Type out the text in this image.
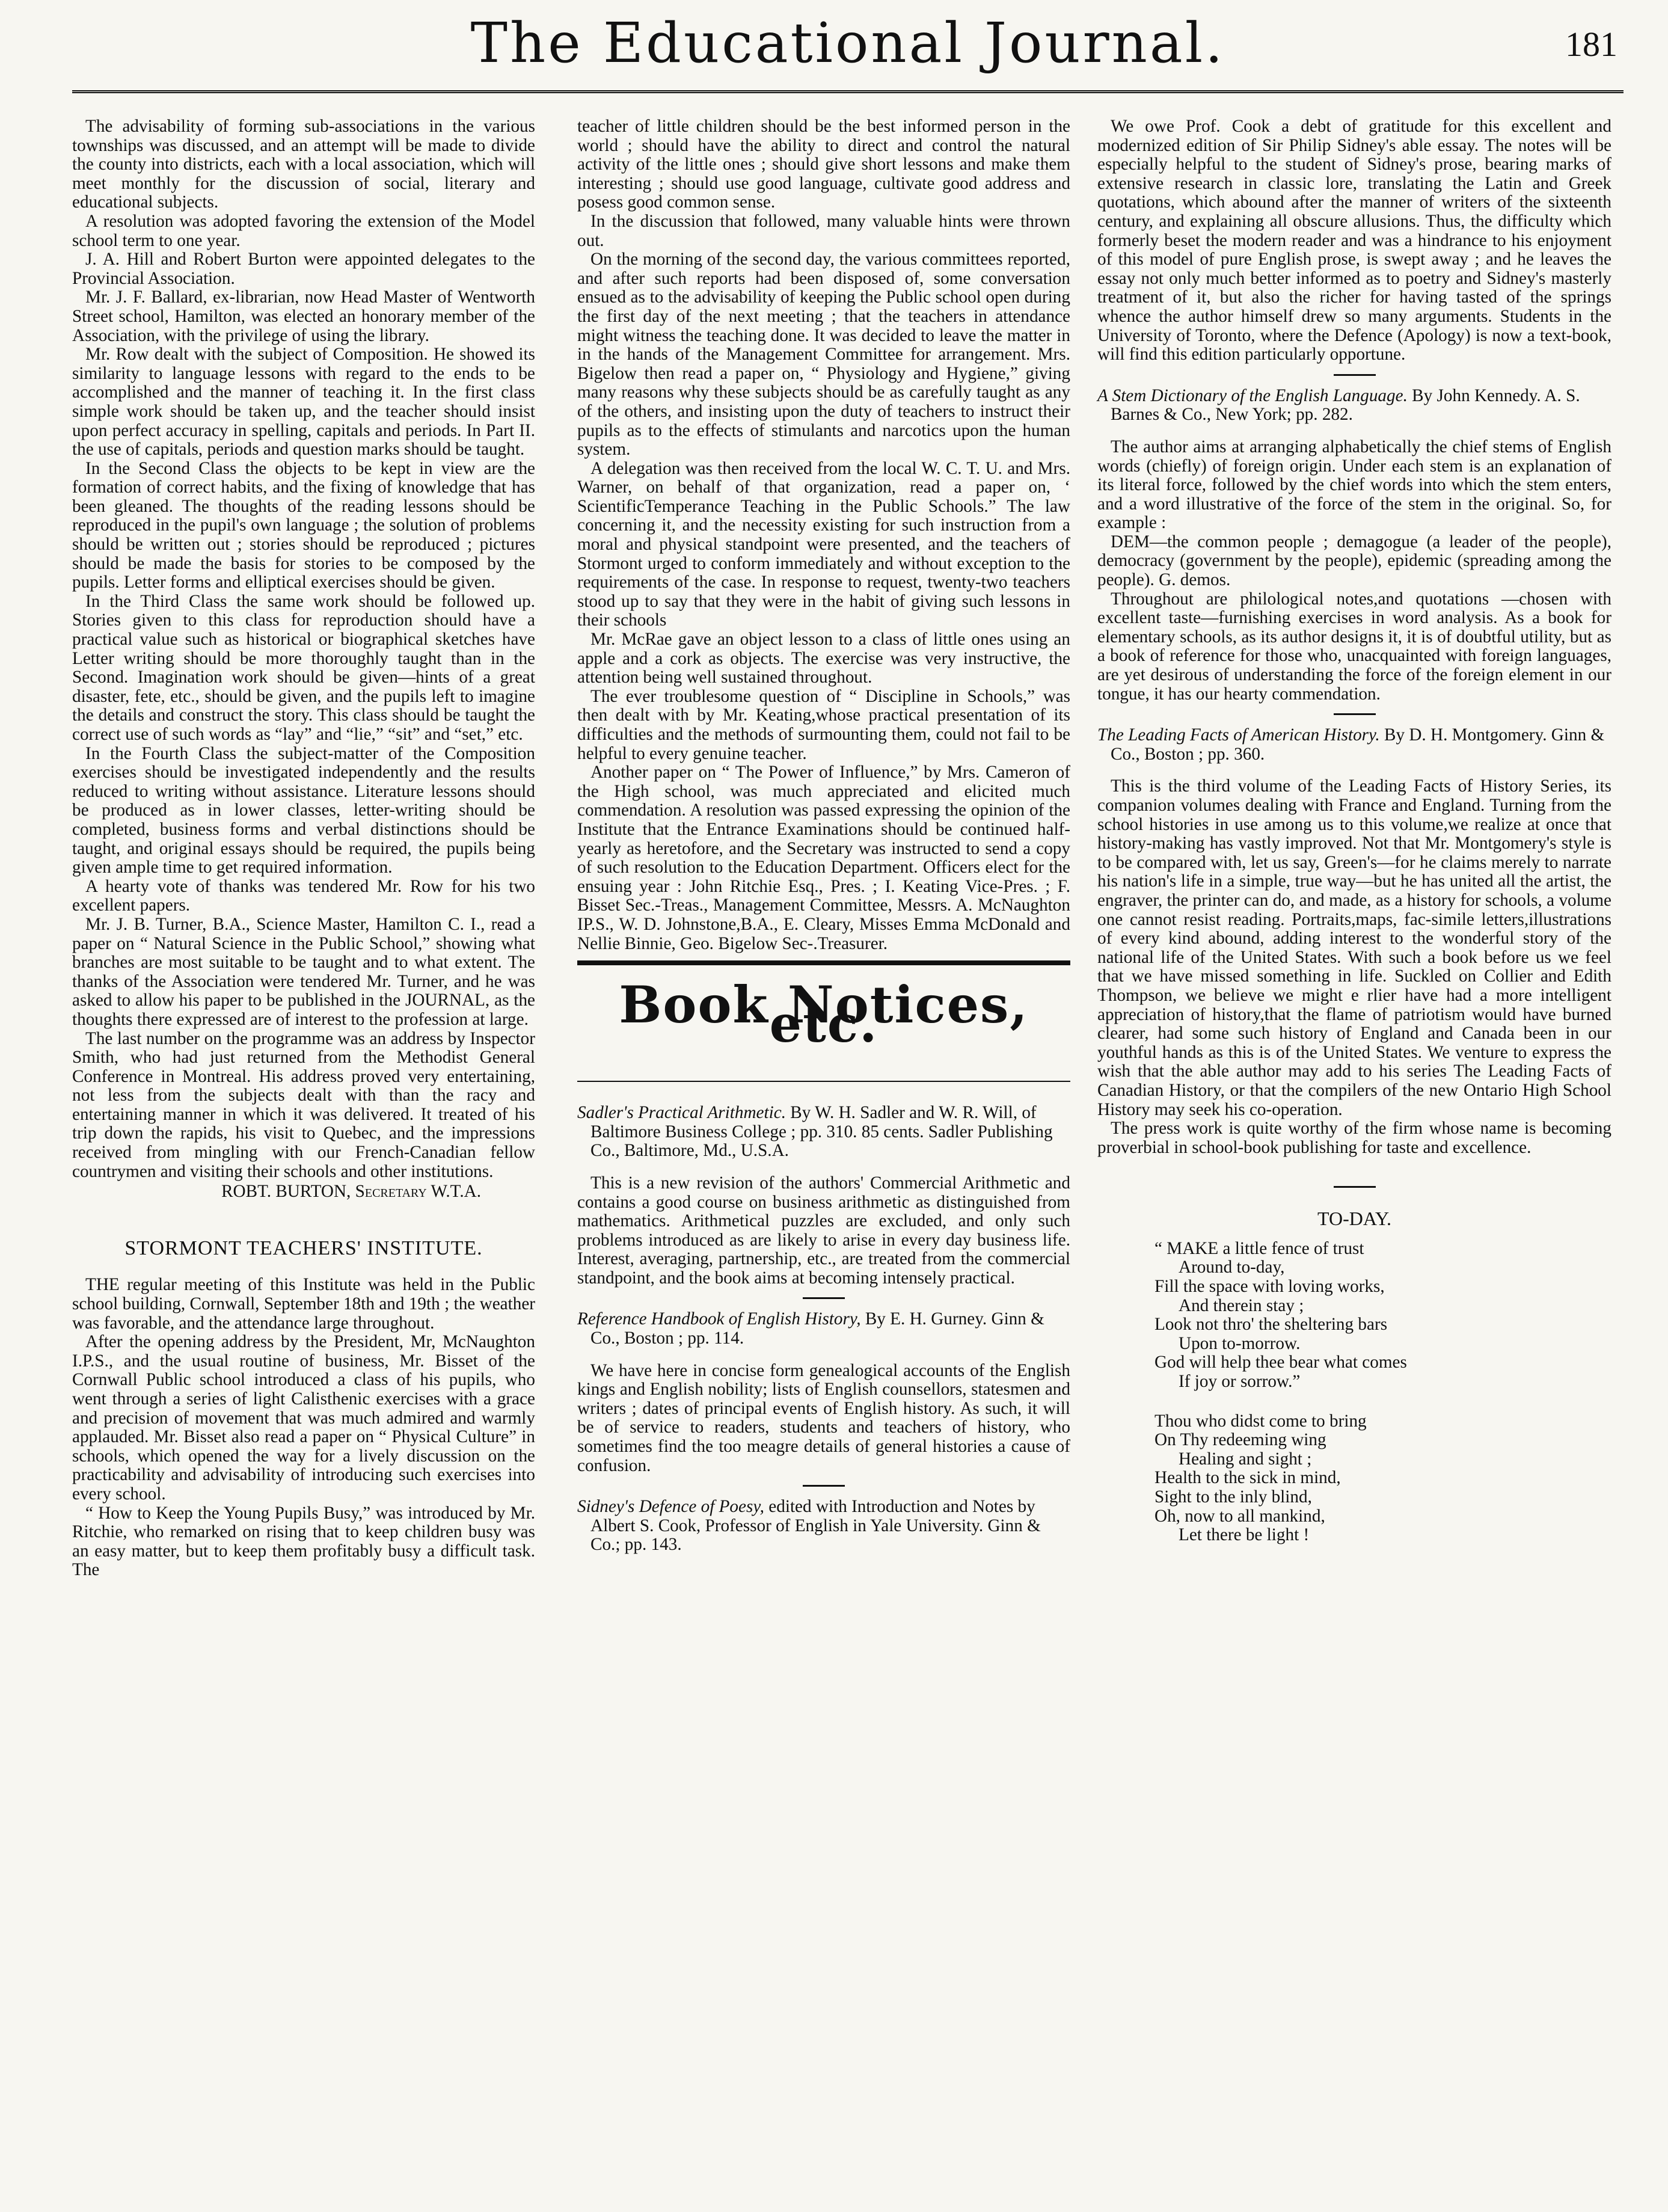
The Educational Journal.	181

The advisability of forming sub-associations in the various townships was discussed, and an attempt will be made to divide the county into districts, each with a local association, which will meet monthly for the discussion of social, literary and educational subjects.

A resolution was adopted favoring the extension of the Model school term to one year.

J. A. Hill and Robert Burton were appointed delegates to the Provincial Association.

Mr. J. F. Ballard, ex-librarian, now Head Master of Wentworth Street school, Hamilton, was elected an honorary member of the Association, with the privilege of using the library.

Mr. Row dealt with the subject of Composition. He showed its similarity to language lessons with regard to the ends to be accomplished and the manner of teaching it. In the first class simple work should be taken up, and the teacher should insist upon perfect accuracy in spelling, capitals and periods. In Part II. the use of capitals, periods and question marks should be taught.

In the Second Class the objects to be kept in view are the formation of correct habits, and the fixing of knowledge that has been gleaned. The thoughts of the reading lessons should be reproduced in the pupil's own language ; the solution of problems should be written out ; stories should be reproduced ; pictures should be made the basis for stories to be composed by the pupils. Letter forms and elliptical exercises should be given.

In the Third Class the same work should be followed up. Stories given to this class for reproduction should have a practical value such as historical or biographical sketches have Letter writing should be more thoroughly taught than in the Second. Imagination work should be given—hints of a great disaster, fete, etc., should be given, and the pupils left to imagine the details and construct the story. This class should be taught the correct use of such words as “lay” and “lie,” “sit” and “set,” etc.

In the Fourth Class the subject-matter of the Composition exercises should be investigated independently and the results reduced to writing without assistance. Literature lessons should be produced as in lower classes, letter-writing should be completed, business forms and verbal distinctions should be taught, and original essays should be required, the pupils being given ample time to get required information.

A hearty vote of thanks was tendered Mr. Row for his two excellent papers.

Mr. J. B. Turner, B.A., Science Master, Hamilton C. I., read a paper on “ Natural Science in the Public School,” showing what branches are most suitable to be taught and to what extent. The thanks of the Association were tendered Mr. Turner, and he was asked to allow his paper to be published in the JOURNAL, as the thoughts there expressed are of interest to the profession at large.

The last number on the programme was an address by Inspector Smith, who had just returned from the Methodist General Conference in Montreal. His address proved very entertaining, not less from the subjects dealt with than the racy and entertaining manner in which it was delivered. It treated of his trip down the rapids, his visit to Quebec, and the impressions received from mingling with our French-Canadian fellow countrymen and visiting their schools and other institutions.

ROBT. BURTON, Secretary W.T.A.

STORMONT TEACHERS' INSTITUTE.

THE regular meeting of this Institute was held in the Public school building, Cornwall, September 18th and 19th ; the weather was favorable, and the attendance large throughout.

After the opening address by the President, Mr, McNaughton I.P.S., and the usual routine of business, Mr. Bisset of the Cornwall Public school introduced a class of his pupils, who went through a series of light Calisthenic exercises with a grace and precision of movement that was much admired and warmly applauded. Mr. Bisset also read a paper on “ Physical Culture” in schools, which opened the way for a lively discussion on the practicability and advisability of introducing such exercises into every school.

“ How to Keep the Young Pupils Busy,” was introduced by Mr. Ritchie, who remarked on rising that to keep children busy was an easy matter, but to keep them profitably busy a difficult task. The

teacher of little children should be the best informed person in the world ; should have the ability to direct and control the natural activity of the little ones ; should give short lessons and make them interesting ; should use good language, cultivate good address and posess good common sense.

In the discussion that followed, many valuable hints were thrown out.

On the morning of the second day, the various committees reported, and after such reports had been disposed of, some conversation ensued as to the advisability of keeping the Public school open during the first day of the next meeting ; that the teachers in attendance might witness the teaching done. It was decided to leave the matter in in the hands of the Management Committee for arrangement. Mrs. Bigelow then read a paper on, “ Physiology and Hygiene,” giving many reasons why these subjects should be as carefully taught as any of the others, and insisting upon the duty of teachers to instruct their pupils as to the effects of stimulants and narcotics upon the human system.

A delegation was then received from the local W. C. T. U. and Mrs. Warner, on behalf of that organization, read a paper on, ‘ ScientificTemperance Teaching in the Public Schools.” The law concerning it, and the necessity existing for such instruction from a moral and physical standpoint were presented, and the teachers of Stormont urged to conform immediately and without exception to the requirements of the case. In response to request, twenty-two teachers stood up to say that they were in the habit of giving such lessons in their schools

Mr. McRae gave an object lesson to a class of little ones using an apple and a cork as objects. The exercise was very instructive, the attention being well sustained throughout.

The ever troublesome question of “ Discipline in Schools,” was then dealt with by Mr. Keating,whose practical presentation of its difficulties and the methods of surmounting them, could not fail to be helpful to every genuine teacher.

Another paper on “ The Power of Influence,” by Mrs. Cameron of the High school, was much appreciated and elicited much commendation. A resolution was passed expressing the opinion of the Institute that the Entrance Examinations should be continued half-yearly as heretofore, and the Secretary was instructed to send a copy of such resolution to the Education Department. Officers elect for the ensuing year : John Ritchie Esq., Pres. ; I. Keating Vice-Pres. ; F. Bisset Sec.-Treas., Management Committee, Messrs. A. McNaughton IP.S., W. D. Johnstone,B.A., E. Cleary, Misses Emma McDonald and Nellie Binnie, Geo. Bigelow Sec-.Treasurer.

Book Notices, etc.

Sadler's Practical Arithmetic. By W. H. Sadler and W. R. Will, of Baltimore Business College ; pp. 310. 85 cents. Sadler Publishing Co., Baltimore, Md., U.S.A.

This is a new revision of the authors' Commercial Arithmetic and contains a good course on business arithmetic as distinguished from mathematics. Arithmetical puzzles are excluded, and only such problems introduced as are likely to arise in every day business life. Interest, averaging, partnership, etc., are treated from the commercial standpoint, and the book aims at becoming intensely practical.

Reference Handbook of English History, By E. H. Gurney. Ginn & Co., Boston ; pp. 114.

We have here in concise form genealogical accounts of the English kings and English nobility; lists of English counsellors, statesmen and writers ; dates of principal events of English history. As such, it will be of service to readers, students and teachers of history, who sometimes find the too meagre details of general histories a cause of confusion.

Sidney's Defence of Poesy, edited with Introduction and Notes by Albert S. Cook, Professor of English in Yale University. Ginn & Co.; pp. 143.

We owe Prof. Cook a debt of gratitude for this excellent and modernized edition of Sir Philip Sidney's able essay. The notes will be especially helpful to the student of Sidney's prose, bearing marks of extensive research in classic lore, translating the Latin and Greek quotations, which abound after the manner of writers of the sixteenth century, and explaining all obscure allusions. Thus, the difficulty which formerly beset the modern reader and was a hindrance to his enjoyment of this model of pure English prose, is swept away ; and he leaves the essay not only much better informed as to poetry and Sidney's masterly treatment of it, but also the richer for having tasted of the springs whence the author himself drew so many arguments. Students in the University of Toronto, where the Defence (Apology) is now a text-book, will find this edition particularly opportune.

A Stem Dictionary of the English Language. By John Kennedy. A. S. Barnes & Co., New York; pp. 282.

The author aims at arranging alphabetically the chief stems of English words (chiefly) of foreign origin. Under each stem is an explanation of its literal force, followed by the chief words into which the stem enters, and a word illustrative of the force of the stem in the original. So, for example :

DEM—the common people ; demagogue (a leader of the people), democracy (government by the people), epidemic (spreading among the people). G. demos.

Throughout are philological notes,and quotations —chosen with excellent taste—furnishing exercises in word analysis. As a book for elementary schools, as its author designs it, it is of doubtful utility, but as a book of reference for those who, unacquainted with foreign languages, are yet desirous of understanding the force of the foreign element in our tongue, it has our hearty commendation.

The Leading Facts of American History. By D. H. Montgomery. Ginn & Co., Boston ; pp. 360.

This is the third volume of the Leading Facts of History Series, its companion volumes dealing with France and England. Turning from the school histories in use among us to this volume,we realize at once that history-making has vastly improved. Not that Mr. Montgomery's style is to be compared with, let us say, Green's—for he claims merely to narrate his nation's life in a simple, true way—but he has united all the artist, the engraver, the printer can do, and made, as a history for schools, a volume one cannot resist reading. Portraits,maps, fac-simile letters,illustrations of every kind abound, adding interest to the wonderful story of the national life of the United States. With such a book before us we feel that we have missed something in life. Suckled on Collier and Edith Thompson, we believe we might e rlier have had a more intelligent appreciation of history,that the flame of patriotism would have burned clearer, had some such history of England and Canada been in our youthful hands as this is of the United States. We venture to express the wish that the able author may add to his series The Leading Facts of Canadian History, or that the compilers of the new Ontario High School History may seek his co-operation.

The press work is quite worthy of the firm whose name is becoming proverbial in school-book publishing for taste and excellence.

TO-DAY.
“ MAKE a little fence of trust
Around to-day,
Fill the space with loving works,
And therein stay ;
Look not thro' the sheltering bars
Upon to-morrow.
God will help thee bear what comes
If joy or sorrow.”
Thou who didst come to bring
On Thy redeeming wing
Healing and sight ;
Health to the sick in mind,
Sight to the inly blind,
Oh, now to all mankind,
Let there be light !
